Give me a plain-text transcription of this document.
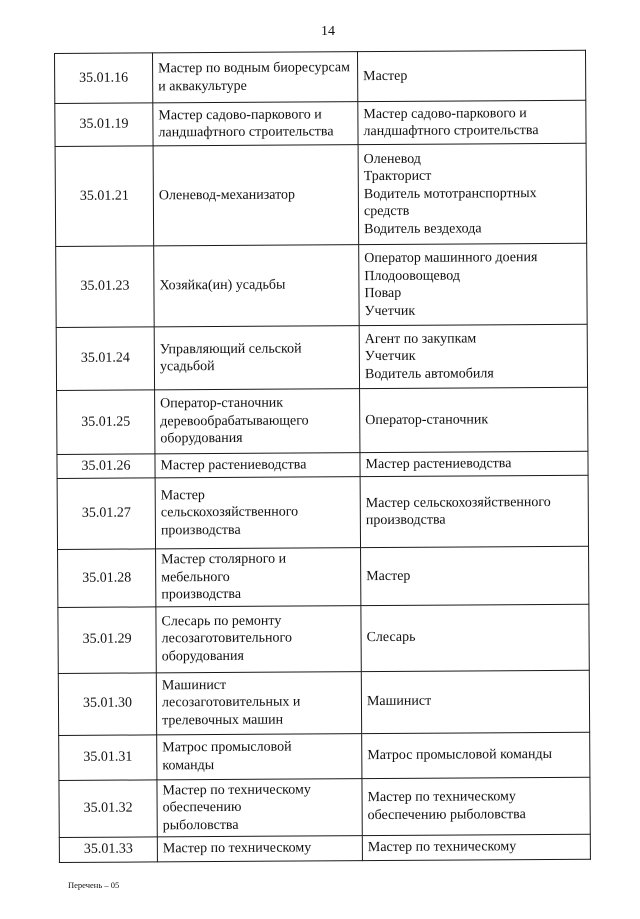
14
35.01.16	Мастер по водным биоресурсам и аквакультуре	Мастер

35.01.19	Мастер садово-паркового и ландшафтного строительства	Мастер садово-паркового и ландшафтного строительства

35.01.21	Оленевод-механизатор	Оленевод
Тракторист
Водитель мототранспортных средств
Водитель вездехода

35.01.23	Хозяйка(ин) усадьбы	Оператор машинного доения
Плодоовощевод
Повар
Учетчик

35.01.24	Управляющий сельской усадьбой	Агент по закупкам
Учетчик
Водитель автомобиля

35.01.25	Оператор-станочник деревообрабатывающего оборудования	Оператор-станочник

35.01.26	Мастер растениеводства	Мастер растениеводства

35.01.27	Мастер сельскохозяйственного производства	Мастер сельскохозяйственного производства

35.01.28	Мастер столярного и мебельного производства	Мастер

35.01.29	Слесарь по ремонту лесозаготовительного оборудования	Слесарь

35.01.30	Машинист лесозаготовительных и трелевочных машин	Машинист

35.01.31	Матрос промысловой команды	Матрос промысловой команды

35.01.32	Мастер по техническому обеспечению рыболовства	Мастер по техническому обеспечению рыболовства

35.01.33	Мастер по техническому	Мастер по техническому
Перечень – 05
